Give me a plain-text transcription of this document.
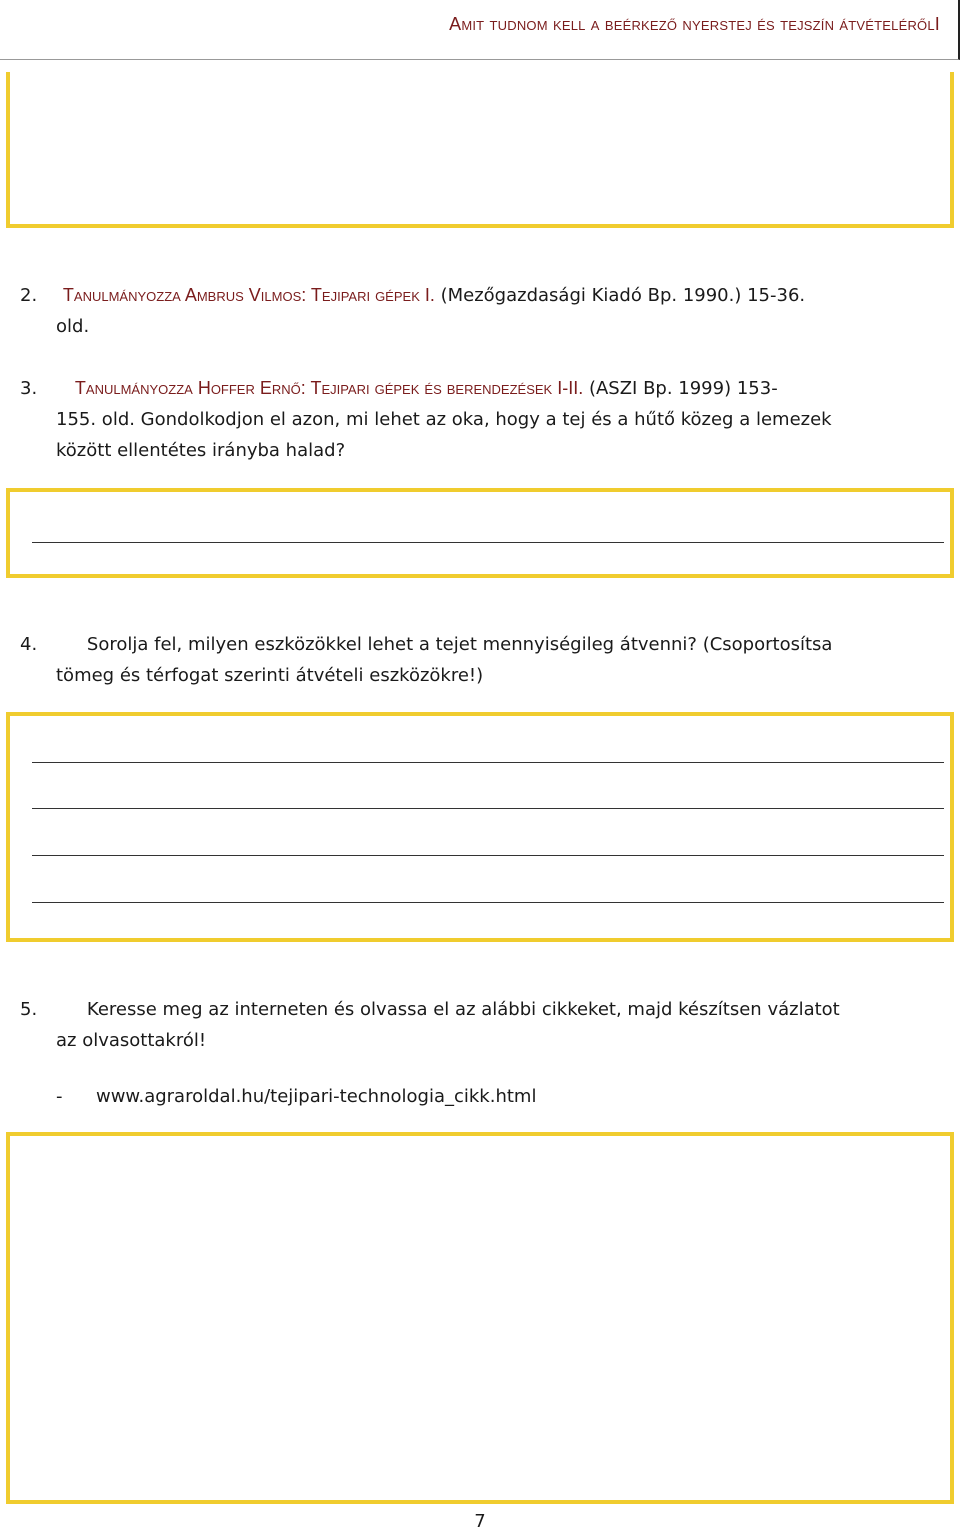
Amit tudnom kell a beérkező nyerstej és tejszín átvételérőlI
2. Tanulmányozza Ambrus Vilmos: Tejipari gépek I. (Mezőgazdasági Kiadó Bp. 1990.) 15-36.
old.
3. Tanulmányozza Hoffer Ernő: Tejipari gépek és berendezések I-II. (ASZI Bp. 1999) 153-
155. old. Gondolkodjon el azon, mi lehet az oka, hogy a tej és a hűtő közeg a lemezek
között ellentétes irányba halad?
4.	Sorolja fel, milyen eszközökkel lehet a tejet mennyiségileg átvenni? (Csoportosítsa
tömeg és térfogat szerinti átvételi eszközökre!)
5.	Keresse meg az interneten és olvassa el az alábbi cikkeket, majd készítsen vázlatot
az olvasottakról!
- www.agraroldal.hu/tejipari-technologia_cikk.html
7
